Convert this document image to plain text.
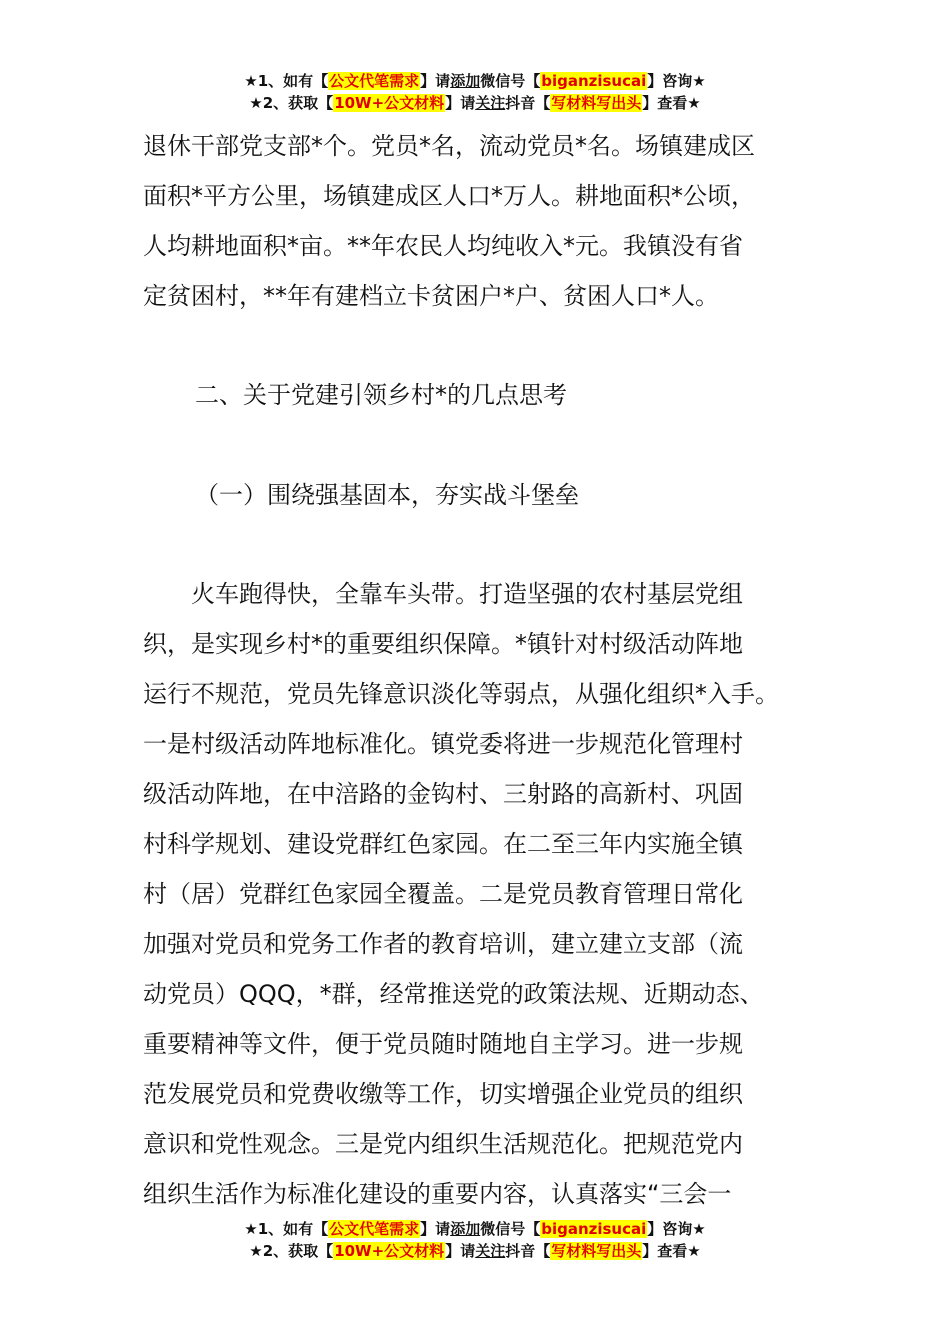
★1、如有【公文代笔需求】请添加微信号【biganzisucai】咨询★
★2、获取【10W+公文材料】请关注抖音【写材料写出头】查看★

退休干部党支部*个。党员*名，流动党员*名。场镇建成区

面积*平方公里，场镇建成区人口*万人。耕地面积*公顷，

人均耕地面积*亩。**年农民人均纯收入*元。我镇没有省

定贫困村，**年有建档立卡贫困户*户、贫困人口*人。

二、关于党建引领乡村*的几点思考

（一）围绕强基固本，夯实战斗堡垒

　　火车跑得快，全靠车头带。打造坚强的农村基层党组

织，是实现乡村*的重要组织保障。*镇针对村级活动阵地

运行不规范，党员先锋意识淡化等弱点，从强化组织*入手。

一是村级活动阵地标准化。镇党委将进一步规范化管理村

级活动阵地，在中涪路的金钩村、三射路的高新村、巩固

村科学规划、建设党群红色家园。在二至三年内实施全镇

村（居）党群红色家园全覆盖。二是党员教育管理日常化

加强对党员和党务工作者的教育培训，建立建立支部（流

动党员）QQQ，*群，经常推送党的政策法规、近期动态、

重要精神等文件，便于党员随时随地自主学习。进一步规

范发展党员和党费收缴等工作，切实增强企业党员的组织

意识和党性观念。三是党内组织生活规范化。把规范党内

组织生活作为标准化建设的重要内容，认真落实“三会一

★1、如有【公文代笔需求】请添加微信号【biganzisucai】咨询★
★2、获取【10W+公文材料】请关注抖音【写材料写出头】查看★
